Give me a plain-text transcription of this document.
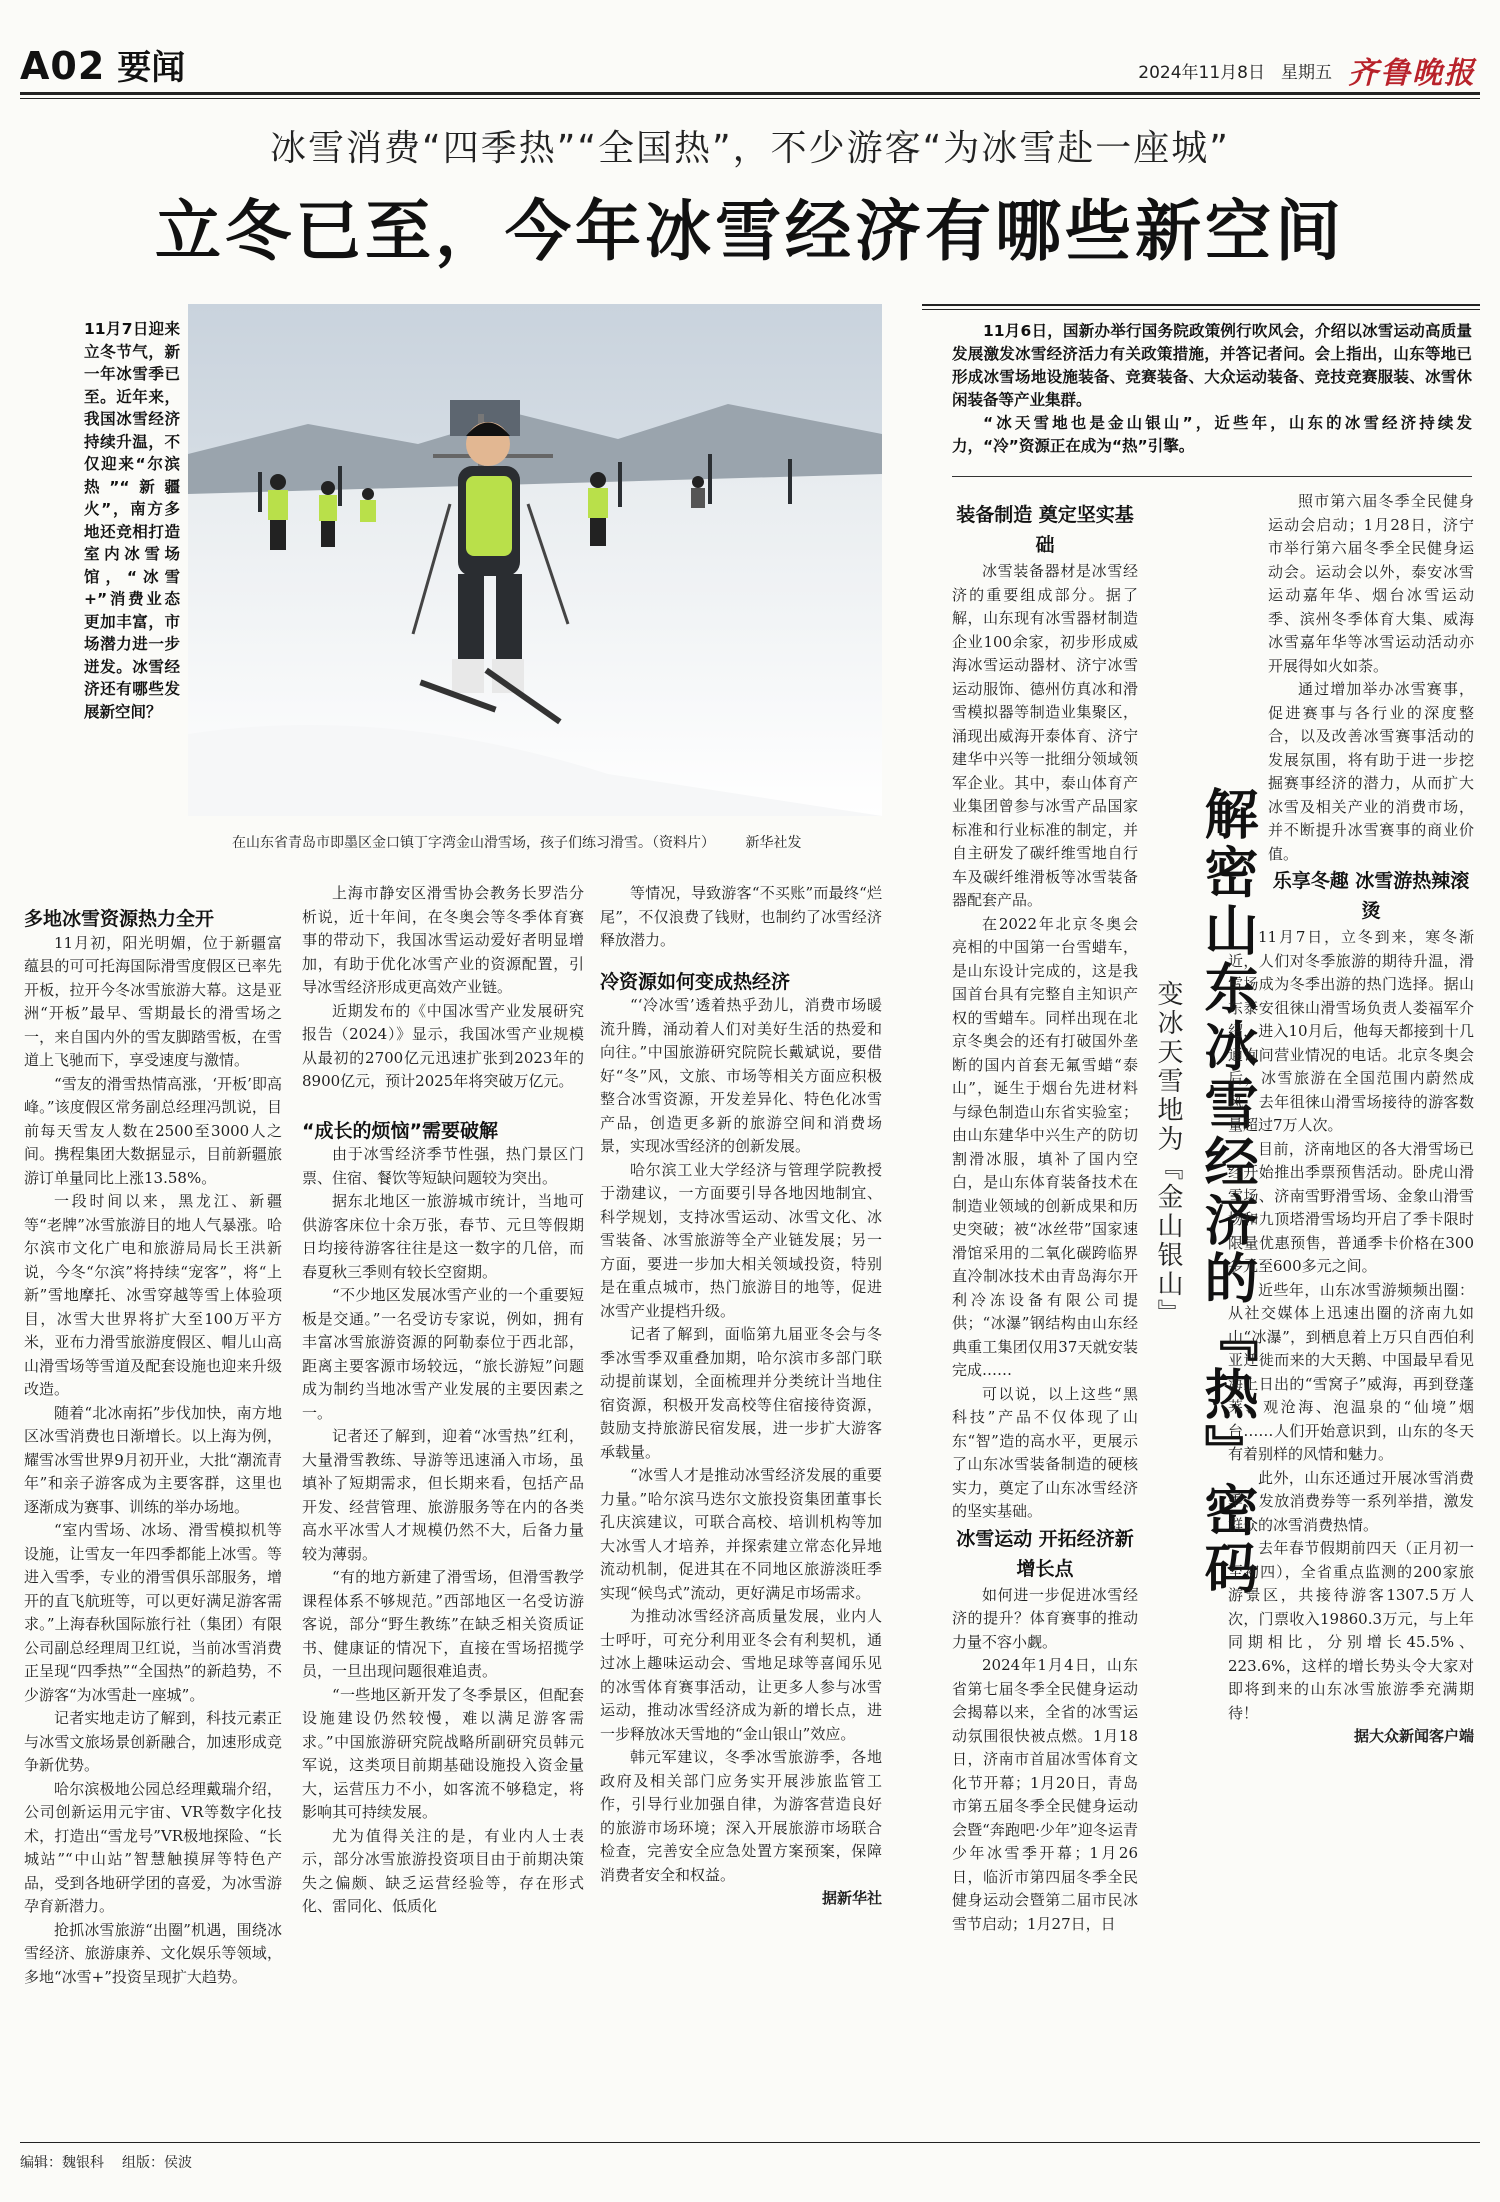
A02 要闻	2024年11月8日 星期五 齐鲁晚报
冰雪消费“四季热”“全国热”，不少游客“为冰雪赴一座城”
立冬已至，今年冰雪经济有哪些新空间

11月7日迎来立冬节气，新一年冰雪季已至。近年来，我国冰雪经济持续升温，不仅迎来“尔滨热”“新疆火”，南方多地还竞相打造室内冰雪场馆，“冰雪+”消费业态更加丰富，市场潜力进一步迸发。冰雪经济还有哪些发展新空间？

在山东省青岛市即墨区金口镇丁字湾金山滑雪场，孩子们练习滑雪。（资料片） 新华社发

多地冰雪资源热力全开

11月初，阳光明媚，位于新疆富蕴县的可可托海国际滑雪度假区已率先开板，拉开今冬冰雪旅游大幕。这是亚洲“开板”最早、雪期最长的滑雪场之一，来自国内外的雪友脚踏雪板，在雪道上飞驰而下，享受速度与激情。

“雪友的滑雪热情高涨，‘开板’即高峰。”该度假区常务副总经理冯凯说，目前每天雪友人数在2500至3000人之间。携程集团大数据显示，目前新疆旅游订单量同比上涨13.58%。

一段时间以来，黑龙江、新疆等“老牌”冰雪旅游目的地人气暴涨。哈尔滨市文化广电和旅游局局长王洪新说，今冬“尔滨”将持续“宠客”，将“上新”雪地摩托、冰雪穿越等雪上体验项目，冰雪大世界将扩大至100万平方米，亚布力滑雪旅游度假区、帽儿山高山滑雪场等雪道及配套设施也迎来升级改造。

随着“北冰南拓”步伐加快，南方地区冰雪消费也日渐增长。以上海为例，耀雪冰雪世界9月初开业，大批“潮流青年”和亲子游客成为主要客群，这里也逐渐成为赛事、训练的举办场地。

“室内雪场、冰场、滑雪模拟机等设施，让雪友一年四季都能上冰雪。等进入雪季，专业的滑雪俱乐部服务，增开的直飞航班等，可以更好满足游客需求。”上海春秋国际旅行社（集团）有限公司副总经理周卫红说，当前冰雪消费正呈现“四季热”“全国热”的新趋势，不少游客“为冰雪赴一座城”。

记者实地走访了解到，科技元素正与冰雪文旅场景创新融合，加速形成竞争新优势。

哈尔滨极地公园总经理戴瑞介绍，公司创新运用元宇宙、VR等数字化技术，打造出“雪龙号”VR极地探险、“长城站”“中山站”智慧触摸屏等特色产品，受到各地研学团的喜爱，为冰雪游孕育新潜力。

抢抓冰雪旅游“出圈”机遇，围绕冰雪经济、旅游康养、文化娱乐等领域，多地“冰雪+”投资呈现扩大趋势。

上海市静安区滑雪协会教务长罗浩分析说，近十年间，在冬奥会等冬季体育赛事的带动下，我国冰雪运动爱好者明显增加，有助于优化冰雪产业的资源配置，引导冰雪经济形成更高效产业链。

近期发布的《中国冰雪产业发展研究报告（2024）》显示，我国冰雪产业规模从最初的2700亿元迅速扩张到2023年的8900亿元，预计2025年将突破万亿元。

“成长的烦恼”需要破解

由于冰雪经济季节性强，热门景区门票、住宿、餐饮等短缺问题较为突出。

据东北地区一旅游城市统计，当地可供游客床位十余万张，春节、元旦等假期日均接待游客往往是这一数字的几倍，而春夏秋三季则有较长空窗期。

“不少地区发展冰雪产业的一个重要短板是交通。”一名受访专家说，例如，拥有丰富冰雪旅游资源的阿勒泰位于西北部，距离主要客源市场较远，“旅长游短”问题成为制约当地冰雪产业发展的主要因素之一。

记者还了解到，迎着“冰雪热”红利，大量滑雪教练、导游等迅速涌入市场，虽填补了短期需求，但长期来看，包括产品开发、经营管理、旅游服务等在内的各类高水平冰雪人才规模仍然不大，后备力量较为薄弱。

“有的地方新建了滑雪场，但滑雪教学课程体系不够规范。”西部地区一名受访游客说，部分“野生教练”在缺乏相关资质证书、健康证的情况下，直接在雪场招揽学员，一旦出现问题很难追责。

“一些地区新开发了冬季景区，但配套设施建设仍然较慢，难以满足游客需求。”中国旅游研究院战略所副研究员韩元军说，这类项目前期基础设施投入资金量大，运营压力不小，如客流不够稳定，将影响其可持续发展。

尤为值得关注的是，有业内人士表示，部分冰雪旅游投资项目由于前期决策失之偏颇、缺乏运营经验等，存在形式化、雷同化、低质化

等情况，导致游客“不买账”而最终“烂尾”，不仅浪费了钱财，也制约了冰雪经济释放潜力。

冷资源如何变成热经济

“‘冷冰雪’透着热乎劲儿，消费市场暖流升腾，涌动着人们对美好生活的热爱和向往。”中国旅游研究院院长戴斌说，要借好“冬”风，文旅、市场等相关方面应积极整合冰雪资源，开发差异化、特色化冰雪产品，创造更多新的旅游空间和消费场景，实现冰雪经济的创新发展。

哈尔滨工业大学经济与管理学院教授于渤建议，一方面要引导各地因地制宜、科学规划，支持冰雪运动、冰雪文化、冰雪装备、冰雪旅游等全产业链发展；另一方面，要进一步加大相关领域投资，特别是在重点城市，热门旅游目的地等，促进冰雪产业提档升级。

记者了解到，面临第九届亚冬会与冬季冰雪季双重叠加期，哈尔滨市多部门联动提前谋划，全面梳理并分类统计当地住宿资源，积极开发高校等住宿接待资源，鼓励支持旅游民宿发展，进一步扩大游客承载量。

“冰雪人才是推动冰雪经济发展的重要力量。”哈尔滨马迭尔文旅投资集团董事长孔庆滨建议，可联合高校、培训机构等加大冰雪人才培养，并探索建立常态化异地流动机制，促进其在不同地区旅游淡旺季实现“候鸟式”流动，更好满足市场需求。

为推动冰雪经济高质量发展，业内人士呼吁，可充分利用亚冬会有利契机，通过冰上趣味运动会、雪地足球等喜闻乐见的冰雪体育赛事活动，让更多人参与冰雪运动，推动冰雪经济成为新的增长点，进一步释放冰天雪地的“金山银山”效应。

韩元军建议，冬季冰雪旅游季，各地政府及相关部门应务实开展涉旅监管工作，引导行业加强自律，为游客营造良好的旅游市场环境；深入开展旅游市场联合检查，完善安全应急处置方案预案，保障消费者安全和权益。

据新华社

11月6日，国新办举行国务院政策例行吹风会，介绍以冰雪运动高质量发展激发冰雪经济活力有关政策措施，并答记者问。会上指出，山东等地已形成冰雪场地设施装备、竞赛装备、大众运动装备、竞技竞赛服装、冰雪休闲装备等产业集群。

“冰天雪地也是金山银山”，近些年，山东的冰雪经济持续发力，“冷”资源正在成为“热”引擎。

装备制造 奠定坚实基础

冰雪装备器材是冰雪经济的重要组成部分。据了解，山东现有冰雪器材制造企业100余家，初步形成威海冰雪运动器材、济宁冰雪运动服饰、德州仿真冰和滑雪模拟器等制造业集聚区，涌现出威海开泰体育、济宁建华中兴等一批细分领域领军企业。其中，泰山体育产业集团曾参与冰雪产品国家标准和行业标准的制定，并自主研发了碳纤维雪地自行车及碳纤维滑板等冰雪装备器配套产品。

在2022年北京冬奥会亮相的中国第一台雪蜡车，是山东设计完成的，这是我国首台具有完整自主知识产权的雪蜡车。同样出现在北京冬奥会的还有打破国外垄断的国内首套无氟雪蜡“泰山”，诞生于烟台先进材料与绿色制造山东省实验室；由山东建华中兴生产的防切割滑冰服，填补了国内空白，是山东体育装备技术在制造业领域的创新成果和历史突破；被“冰丝带”国家速滑馆采用的二氧化碳跨临界直冷制冰技术由青岛海尔开利冷冻设备有限公司提供；“冰瀑”钢结构由山东经典重工集团仅用37天就安装完成……

可以说，以上这些“黑科技”产品不仅体现了山东“智”造的高水平，更展示了山东冰雪装备制造的硬核实力，奠定了山东冰雪经济的坚实基础。

冰雪运动 开拓经济新增长点

如何进一步促进冰雪经济的提升？体育赛事的推动力量不容小觑。

2024年1月4日，山东省第七届冬季全民健身运动会揭幕以来，全省的冰雪运动氛围很快被点燃。1月18日，济南市首届冰雪体育文化节开幕；1月20日，青岛市第五届冬季全民健身运动会暨“奔跑吧·少年”迎冬运青少年冰雪季开幕；1月26日，临沂市第四届冬季全民健身运动会暨第二届市民冰雪节启动；1月27日，日

变冰天雪地为『金山银山』 解密山东冰雪经济的『热』密码

照市第六届冬季全民健身运动会启动；1月28日，济宁市举行第六届冬季全民健身运动会。运动会以外，泰安冰雪运动嘉年华、烟台冰雪运动季、滨州冬季体育大集、威海冰雪嘉年华等冰雪运动活动亦开展得如火如荼。

通过增加举办冰雪赛事，促进赛事与各行业的深度整合，以及改善冰雪赛事活动的发展氛围，将有助于进一步挖掘赛事经济的潜力，从而扩大冰雪及相关产业的消费市场，并不断提升冰雪赛事的商业价值。

乐享冬趣 冰雪游热辣滚烫

11月7日，立冬到来，寒冬渐近，人们对冬季旅游的期待升温，滑雪场成为冬季出游的热门选择。据山东泰安徂徕山滑雪场负责人娄福军介绍，进入10月后，他每天都接到十几通询问营业情况的电话。北京冬奥会后，冰雪旅游在全国范围内蔚然成风，去年徂徕山滑雪场接待的游客数量超过7万人次。

目前，济南地区的各大滑雪场已经开始推出季票预售活动。卧虎山滑雪场、济南雪野滑雪场、金象山滑雪场和九顶塔滑雪场均开启了季卡限时限量优惠预售，普通季卡价格在300多元至600多元之间。

近些年，山东冰雪游频频出圈：从社交媒体上迅速出圈的济南九如山“冰瀑”，到栖息着上万只自西伯利亚迁徙而来的大天鹅、中国最早看见海上日出的“雪窝子”威海，再到登蓬莱、观沧海、泡温泉的“仙境”烟台……人们开始意识到，山东的冬天有着别样的风情和魅力。

此外，山东还通过开展冰雪消费季、发放消费券等一系列举措，激发群众的冰雪消费热情。

去年春节假期前四天（正月初一至初四），全省重点监测的200家旅游景区，共接待游客1307.5万人次，门票收入19860.3万元，与上年同期相比，分别增长45.5%、223.6%，这样的增长势头令大家对即将到来的山东冰雪旅游季充满期待！

据大众新闻客户端

编辑：魏银科 组版：侯波
